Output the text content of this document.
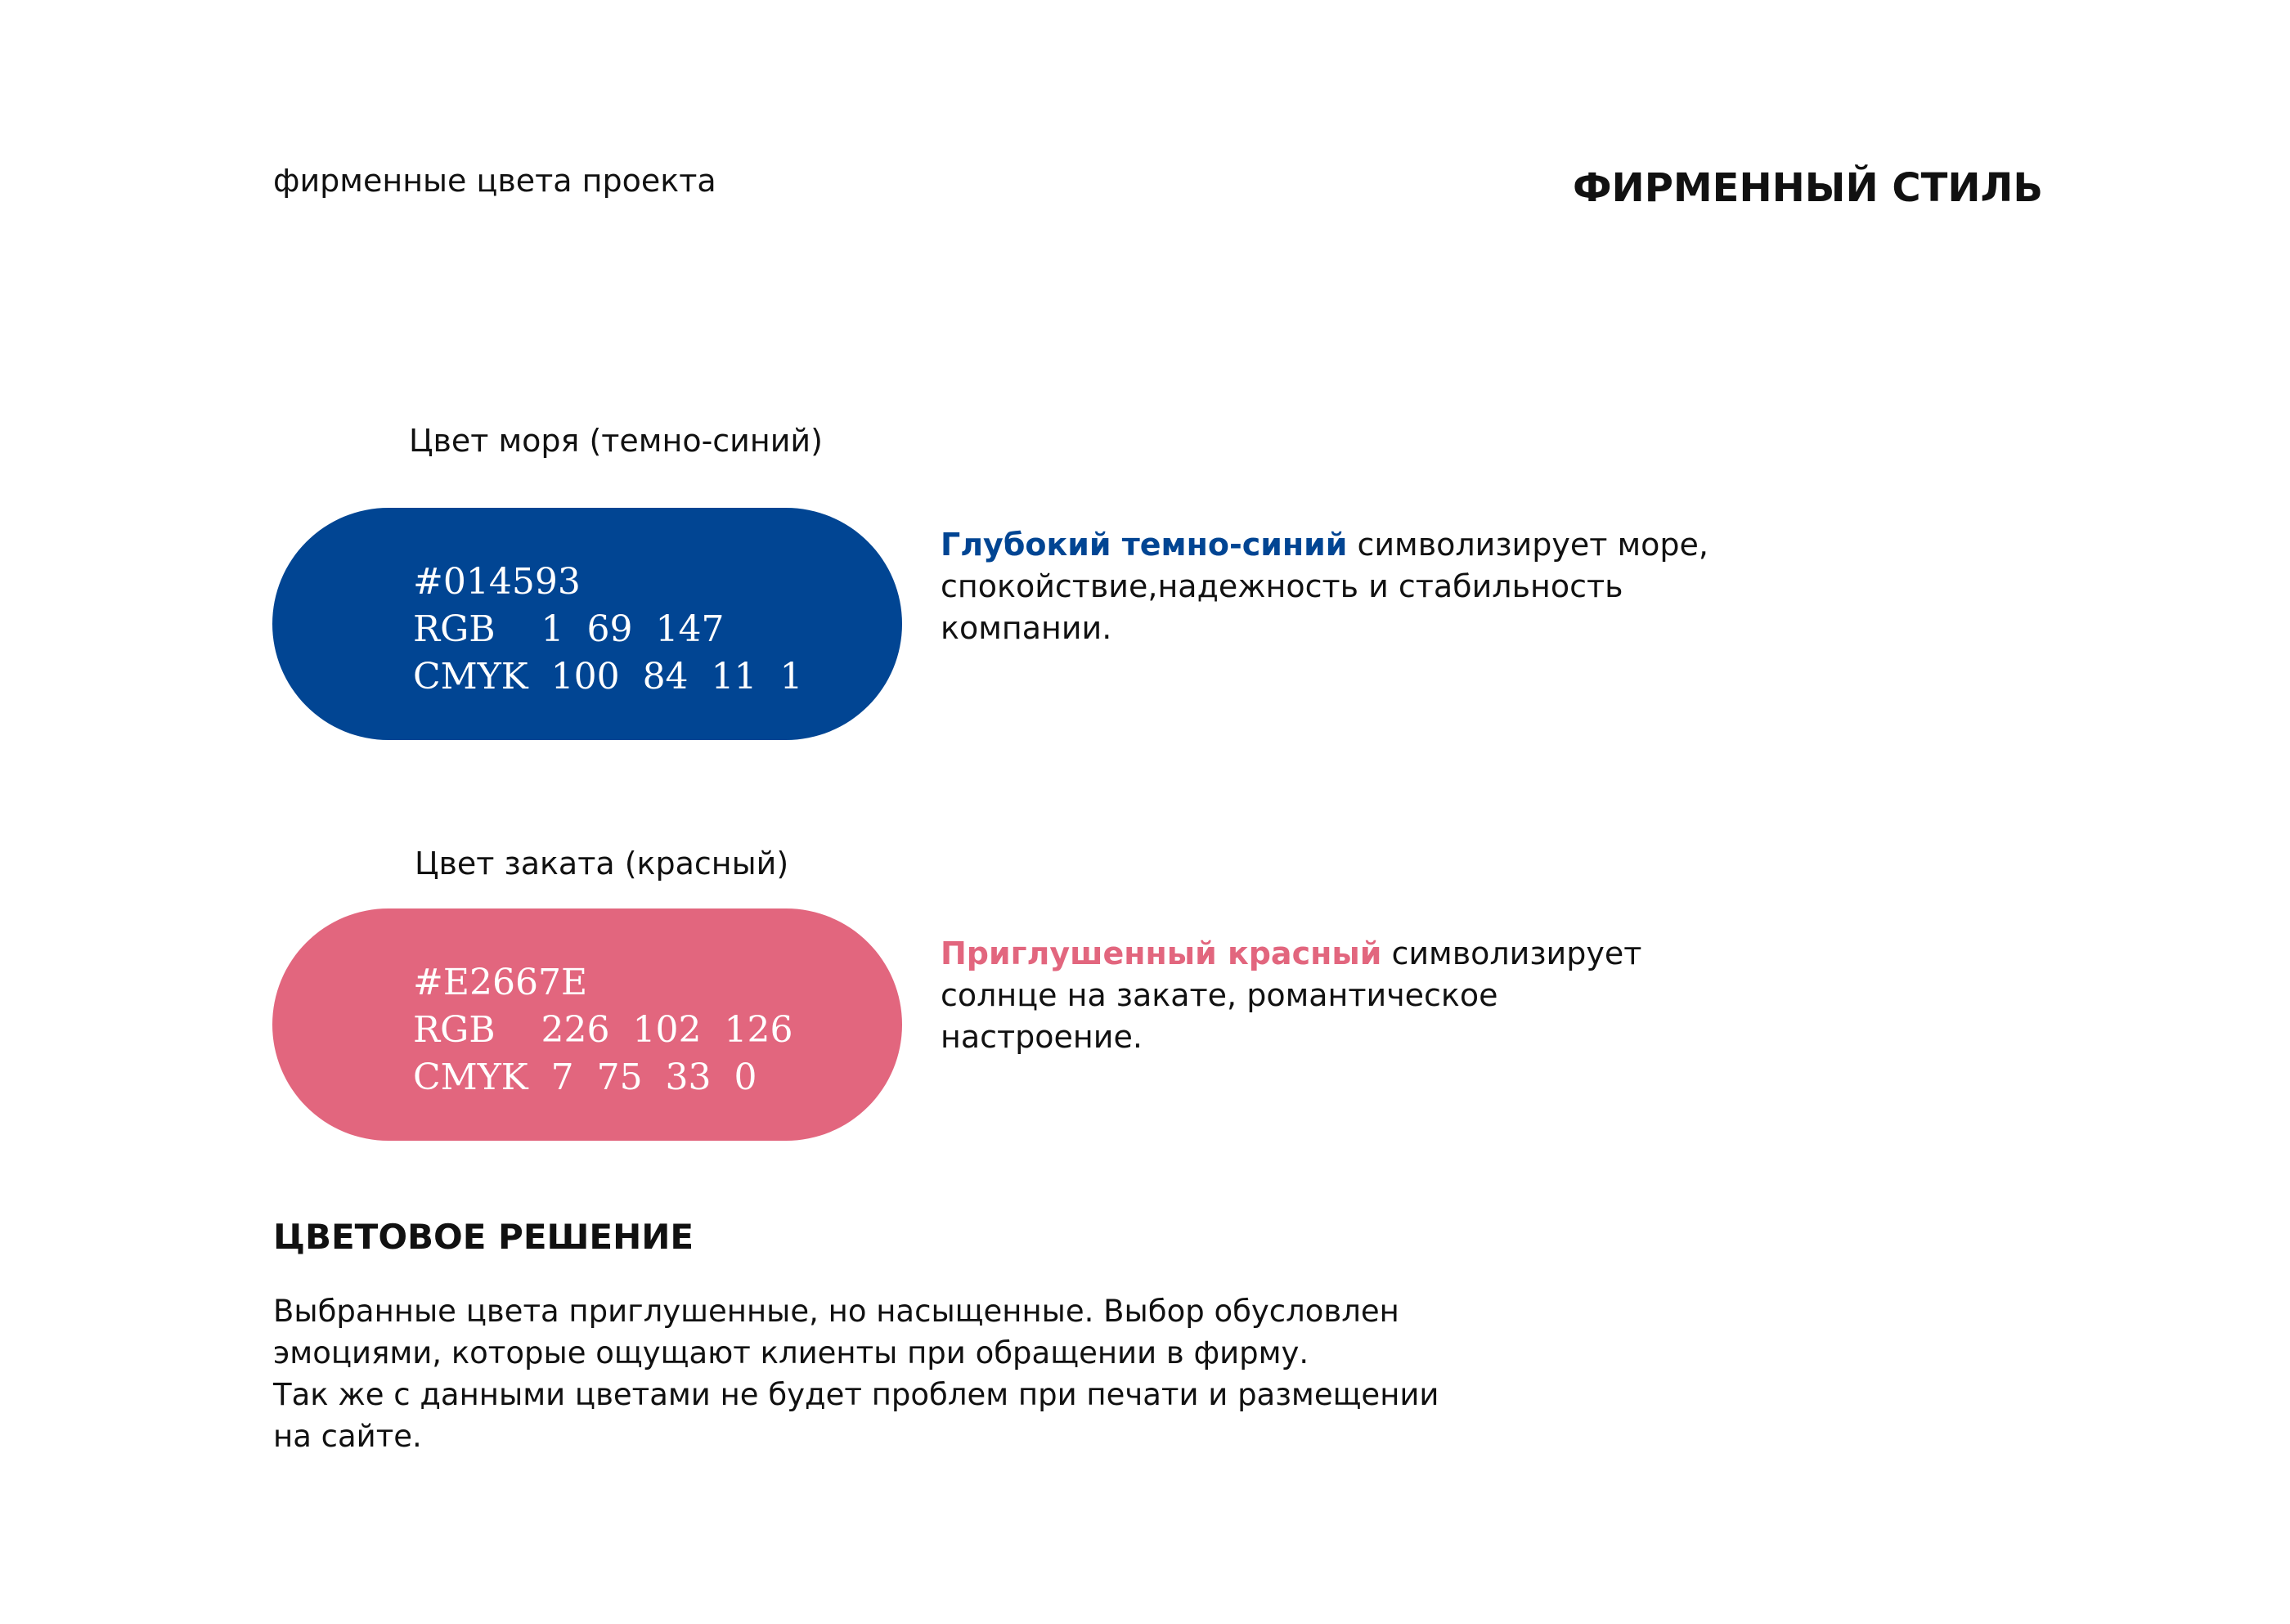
фирменные цвета проекта	ФИРМЕННЫЙ СТИЛЬ
Цвет моря (темно-синий)
#014593
RGB    1  69  147
CMYK  100  84  11  1
Глубокий темно-синий символизирует море, спокойствие,надежность и стабильность компании.
Цвет заката (красный)
#E2667E
RGB    226  102  126
CMYK  7  75  33  0
Приглушенный красный символизирует солнце на закате, романтическое настроение.
ЦВЕТОВОЕ РЕШЕНИЕ
Выбранные цвета приглушенные, но насыщенные. Выбор обусловлен
эмоциями, которые ощущают клиенты при обращении в фирму.
Так же с данными цветами не будет проблем при печати и размещении
на сайте.
